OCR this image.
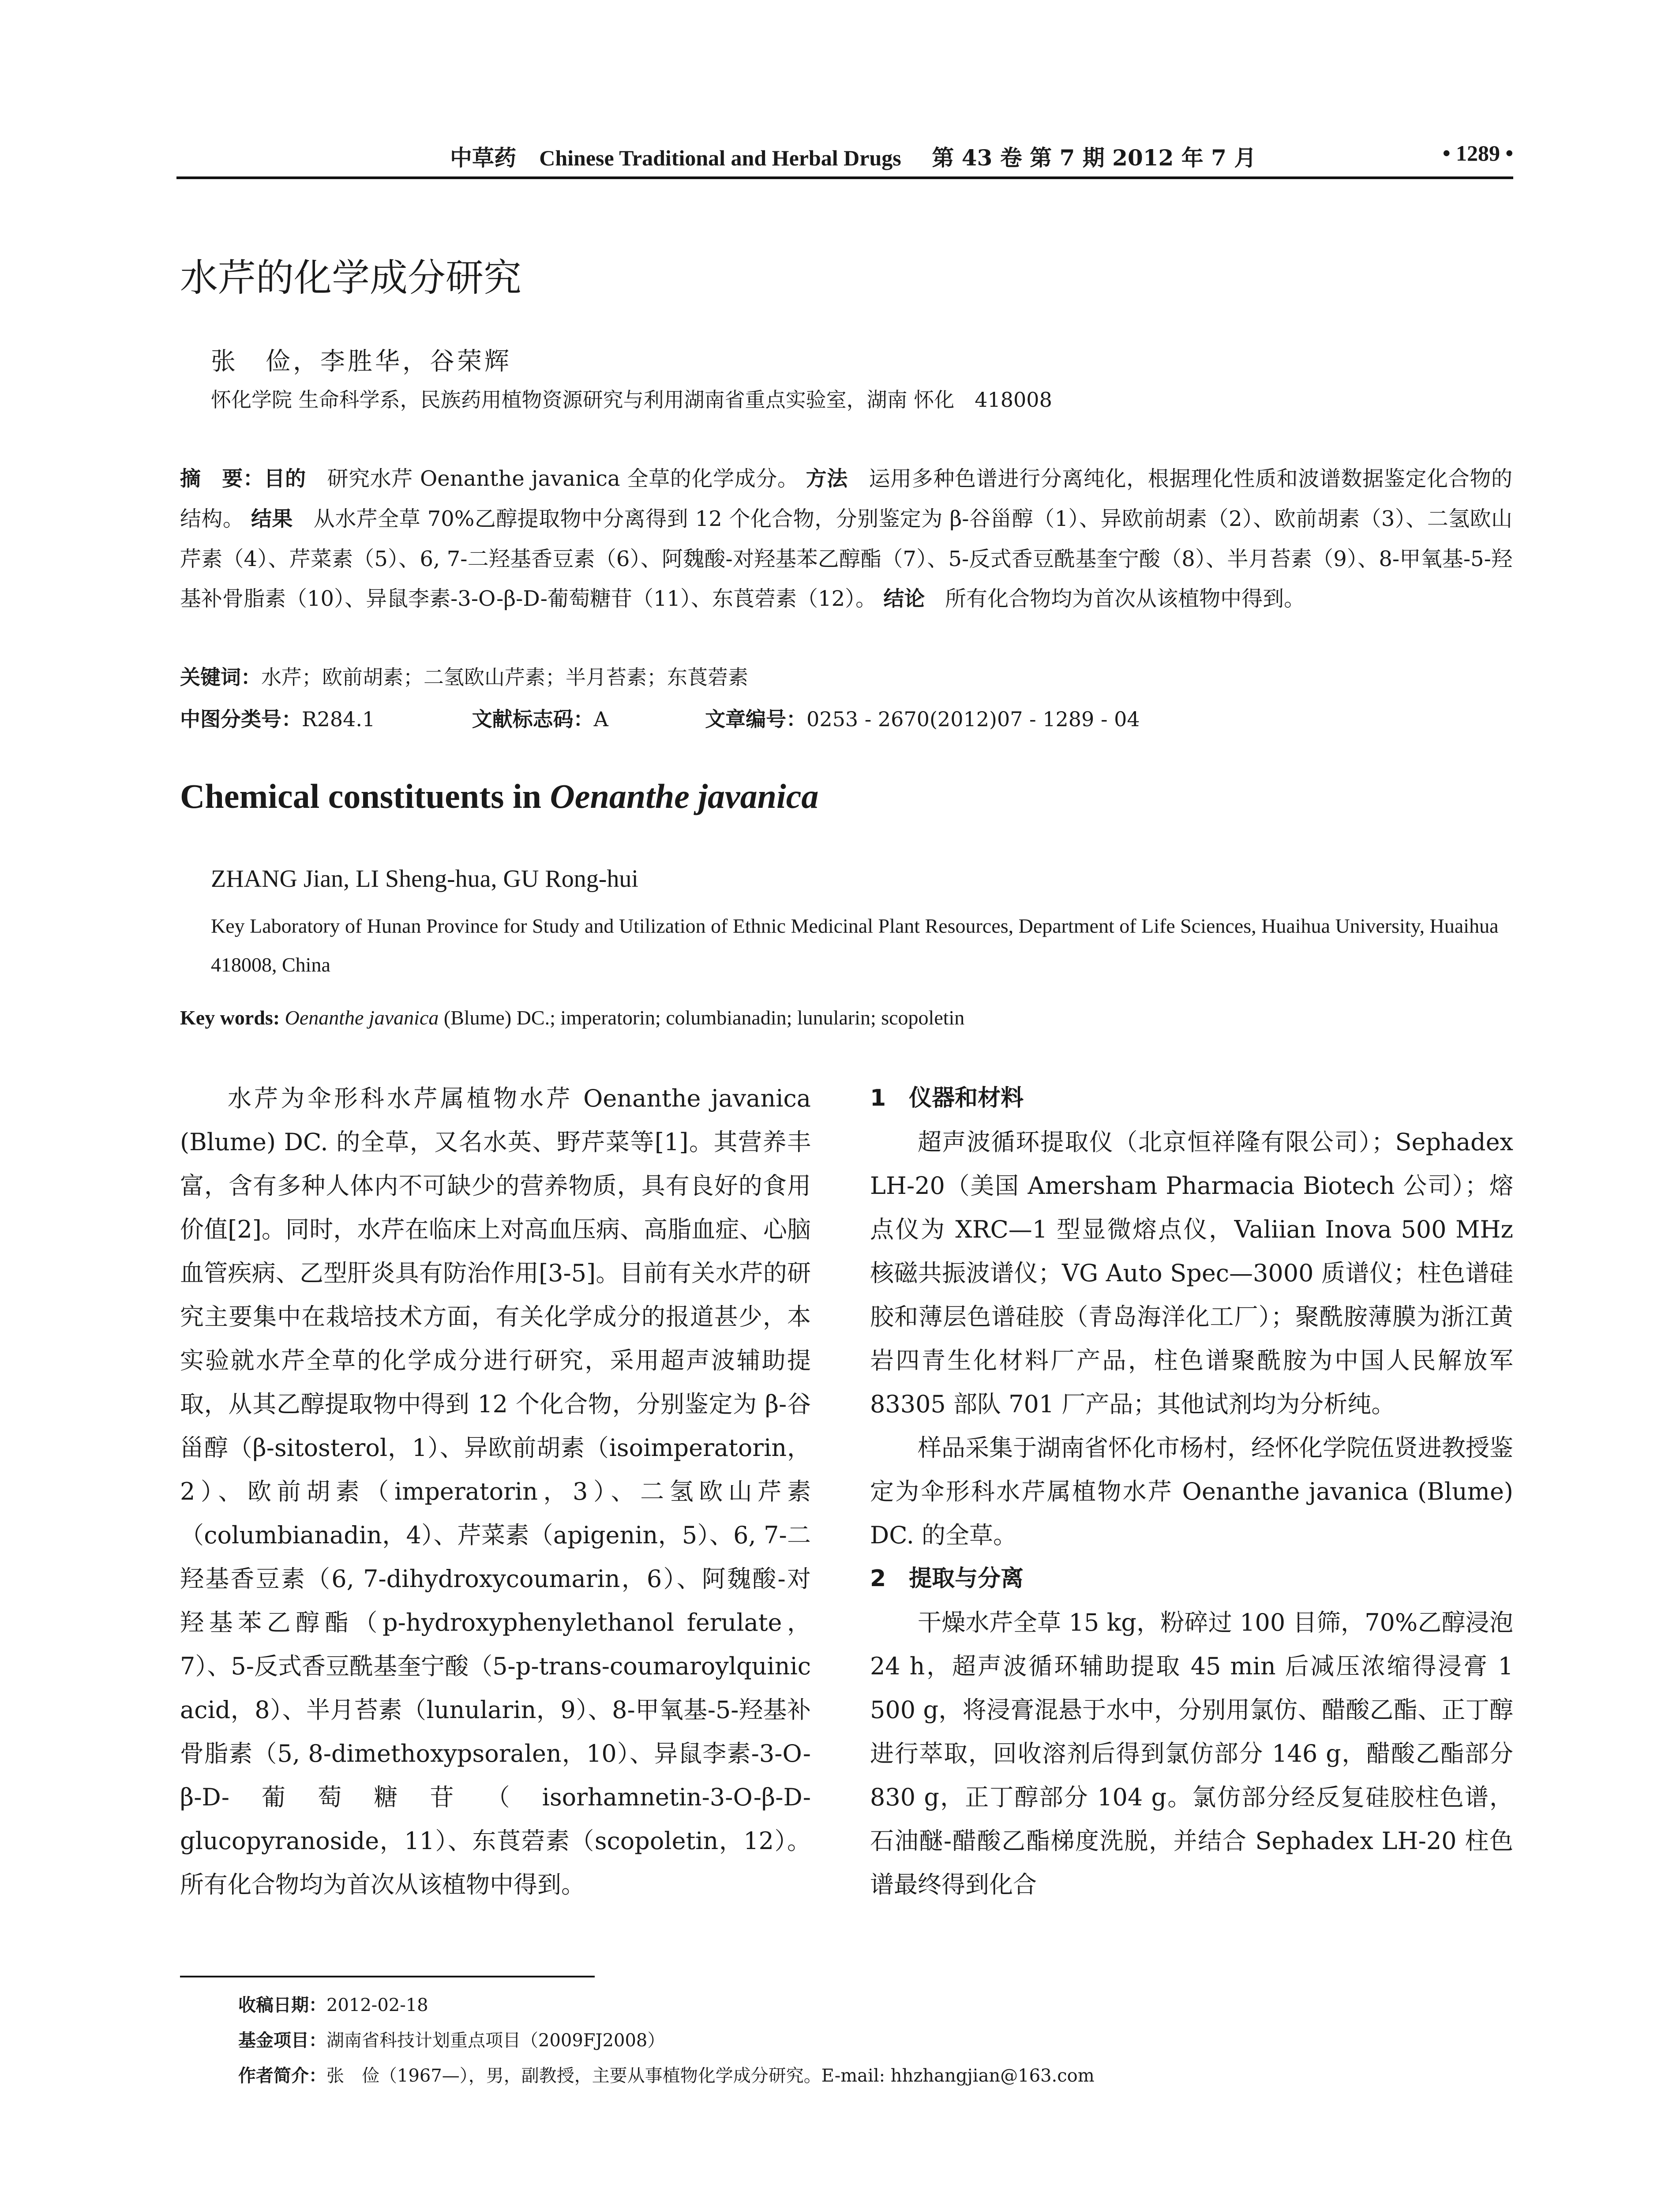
中草药 Chinese Traditional and Herbal Drugs 第 43 卷 第 7 期 2012 年 7 月	• 1289 •
水芹的化学成分研究
张　俭，李胜华，谷荣辉
怀化学院 生命科学系，民族药用植物资源研究与利用湖南省重点实验室，湖南 怀化　418008
摘　要：目的 研究水芹 Oenanthe javanica 全草的化学成分。 方法 运用多种色谱进行分离纯化，根据理化性质和波谱数据鉴定化合物的结构。 结果 从水芹全草 70%乙醇提取物中分离得到 12 个化合物，分别鉴定为 β-谷甾醇（1）、异欧前胡素（2）、欧前胡素（3）、二氢欧山芹素（4）、芹菜素（5）、6, 7-二羟基香豆素（6）、阿魏酸-对羟基苯乙醇酯（7）、5-反式香豆酰基奎宁酸（8）、半月苔素（9）、8-甲氧基-5-羟基补骨脂素（10）、异鼠李素-3-O-β-D-葡萄糖苷（11）、东莨菪素（12）。 结论 所有化合物均为首次从该植物中得到。
关键词：水芹；欧前胡素；二氢欧山芹素；半月苔素；东莨菪素
中图分类号：R284.1	文献标志码：A	文章编号：0253 - 2670(2012)07 - 1289 - 04
Chemical constituents in Oenanthe javanica
ZHANG Jian, LI Sheng-hua, GU Rong-hui
Key Laboratory of Hunan Province for Study and Utilization of Ethnic Medicinal Plant Resources, Department of Life Sciences, Huaihua University, Huaihua 418008, China
Key words: Oenanthe javanica (Blume) DC.; imperatorin; columbianadin; lunularin; scopoletin

水芹为伞形科水芹属植物水芹 Oenanthe javanica (Blume) DC. 的全草，又名水英、野芹菜等[1]。其营养丰富，含有多种人体内不可缺少的营养物质，具有良好的食用价值[2]。同时，水芹在临床上对高血压病、高脂血症、心脑血管疾病、乙型肝炎具有防治作用[3-5]。目前有关水芹的研究主要集中在栽培技术方面，有关化学成分的报道甚少，本实验就水芹全草的化学成分进行研究，采用超声波辅助提取，从其乙醇提取物中得到 12 个化合物，分别鉴定为 β-谷甾醇（β-sitosterol，1）、异欧前胡素（isoimperatorin，2）、欧前胡素（imperatorin，3）、二氢欧山芹素（columbianadin，4）、芹菜素（apigenin，5）、6, 7-二羟基香豆素（6, 7-dihydroxycoumarin，6）、阿魏酸-对羟基苯乙醇酯（p-hydroxyphenylethanol ferulate，7）、5-反式香豆酰基奎宁酸（5-p-trans-coumaroylquinic acid，8）、半月苔素（lunularin，9）、8-甲氧基-5-羟基补骨脂素（5, 8-dimethoxypsoralen，10）、异鼠李素-3-O-β-D-葡萄糖苷（isorhamnetin-3-O-β-D-glucopyranoside，11）、东莨菪素（scopoletin，12）。所有化合物均为首次从该植物中得到。

1　仪器和材料

超声波循环提取仪（北京恒祥隆有限公司）；Sephadex LH-20（美国 Amersham Pharmacia Biotech 公司）；熔点仪为 XRC—1 型显微熔点仪，Valiian Inova 500 MHz 核磁共振波谱仪；VG Auto Spec—3000 质谱仪；柱色谱硅胶和薄层色谱硅胶（青岛海洋化工厂）；聚酰胺薄膜为浙江黄岩四青生化材料厂产品，柱色谱聚酰胺为中国人民解放军 83305 部队 701 厂产品；其他试剂均为分析纯。

样品采集于湖南省怀化市杨村，经怀化学院伍贤进教授鉴定为伞形科水芹属植物水芹 Oenanthe javanica (Blume) DC. 的全草。

2　提取与分离

干燥水芹全草 15 kg，粉碎过 100 目筛，70%乙醇浸泡 24 h，超声波循环辅助提取 45 min 后减压浓缩得浸膏 1 500 g，将浸膏混悬于水中，分别用氯仿、醋酸乙酯、正丁醇进行萃取，回收溶剂后得到氯仿部分 146 g，醋酸乙酯部分 830 g，正丁醇部分 104 g。氯仿部分经反复硅胶柱色谱，石油醚-醋酸乙酯梯度洗脱，并结合 Sephadex LH-20 柱色谱最终得到化合

收稿日期：2012-02-18
基金项目：湖南省科技计划重点项目（2009FJ2008）
作者简介：张　俭（1967—），男，副教授，主要从事植物化学成分研究。E-mail: hhzhangjian@163.com
